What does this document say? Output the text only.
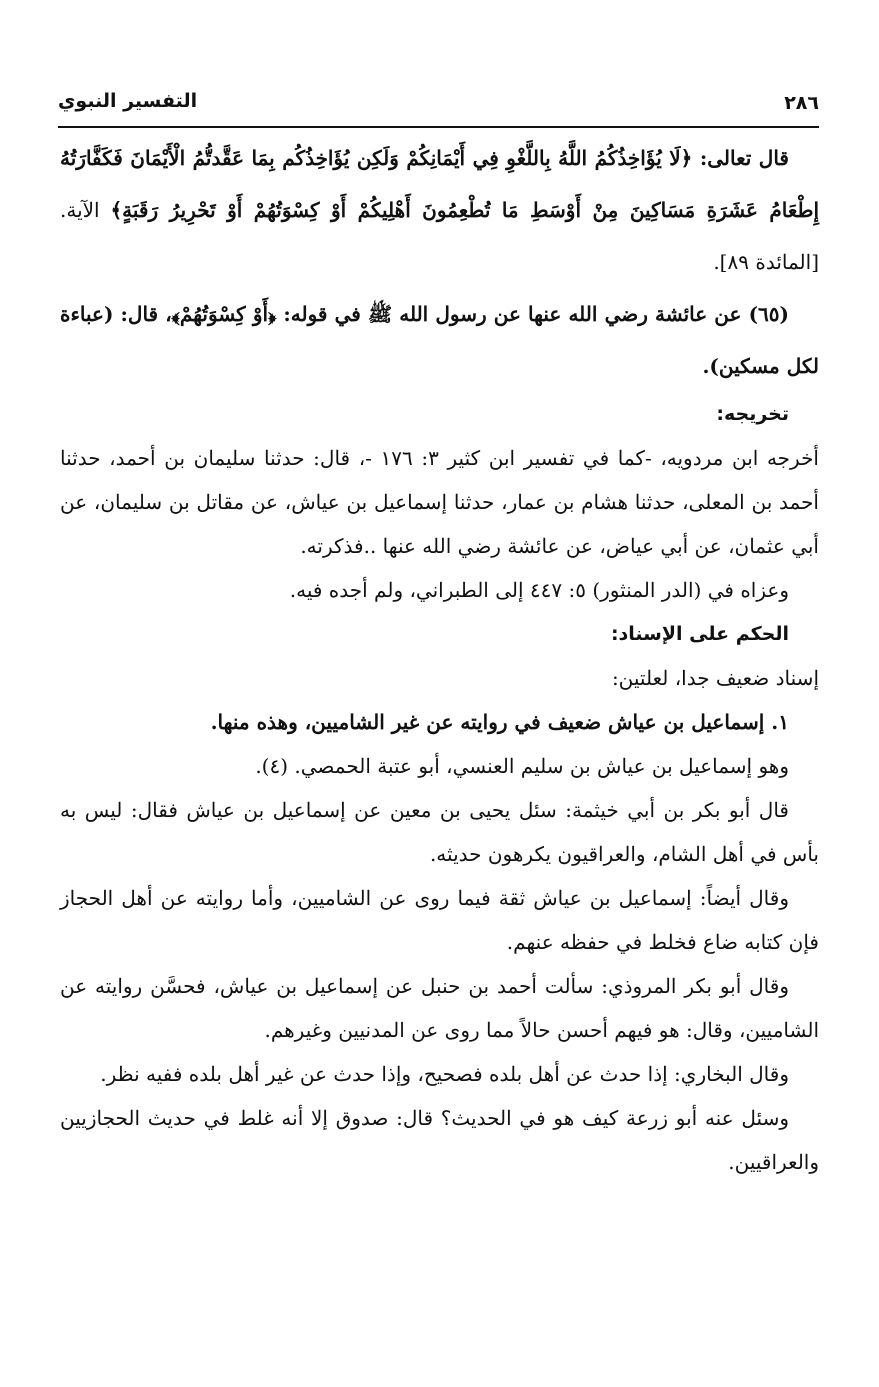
٢٨٦
التفسير النبوي

قال تعالى: ﴿لَا يُؤَاخِذُكُمُ اللَّهُ بِاللَّغْوِ فِي أَيْمَانِكُمْ وَلَكِن يُؤَاخِذُكُم بِمَا عَقَّدتُّمُ الْأَيْمَانَ فَكَفَّارَتُهُ إِطْعَامُ عَشَرَةِ مَسَاكِينَ مِنْ أَوْسَطِ مَا تُطْعِمُونَ أَهْلِيكُمْ أَوْ كِسْوَتُهُمْ أَوْ تَحْرِيرُ رَقَبَةٍ﴾ الآية. [المائدة ٨٩].

(٦٥) عن عائشة رضي الله عنها عن رسول الله ﷺ في قوله: ﴿أَوْ كِسْوَتُهُمْ﴾، قال: (عباءة لكل مسكين).

تخريجه:

أخرجه ابن مردويه، -كما في تفسير ابن كثير ٣: ١٧٦ -، قال: حدثنا سليمان بن أحمد، حدثنا أحمد بن المعلى، حدثنا هشام بن عمار، حدثنا إسماعيل بن عياش، عن مقاتل بن سليمان، عن أبي عثمان، عن أبي عياض، عن عائشة رضي الله عنها ..فذكرته.

وعزاه في (الدر المنثور) ٥: ٤٤٧ إلى الطبراني، ولم أجده فيه.

الحكم على الإسناد:

إسناد ضعيف جدا، لعلتين:

١. إسماعيل بن عياش ضعيف في روايته عن غير الشاميين، وهذه منها.

وهو إسماعيل بن عياش بن سليم العنسي، أبو عتبة الحمصي. (٤).

قال أبو بكر بن أبي خيثمة: سئل يحيى بن معين عن إسماعيل بن عياش فقال: ليس به بأس في أهل الشام، والعراقيون يكرهون حديثه.

وقال أيضاً: إسماعيل بن عياش ثقة فيما روى عن الشاميين، وأما روايته عن أهل الحجاز فإن كتابه ضاع فخلط في حفظه عنهم.

وقال أبو بكر المروذي: سألت أحمد بن حنبل عن إسماعيل بن عياش، فحسَّن روايته عن الشاميين، وقال: هو فيهم أحسن حالاً مما روى عن المدنيين وغيرهم.

وقال البخاري: إذا حدث عن أهل بلده فصحيح، وإذا حدث عن غير أهل بلده ففيه نظر.

وسئل عنه أبو زرعة كيف هو في الحديث؟ قال: صدوق إلا أنه غلط في حديث الحجازيين والعراقيين.
